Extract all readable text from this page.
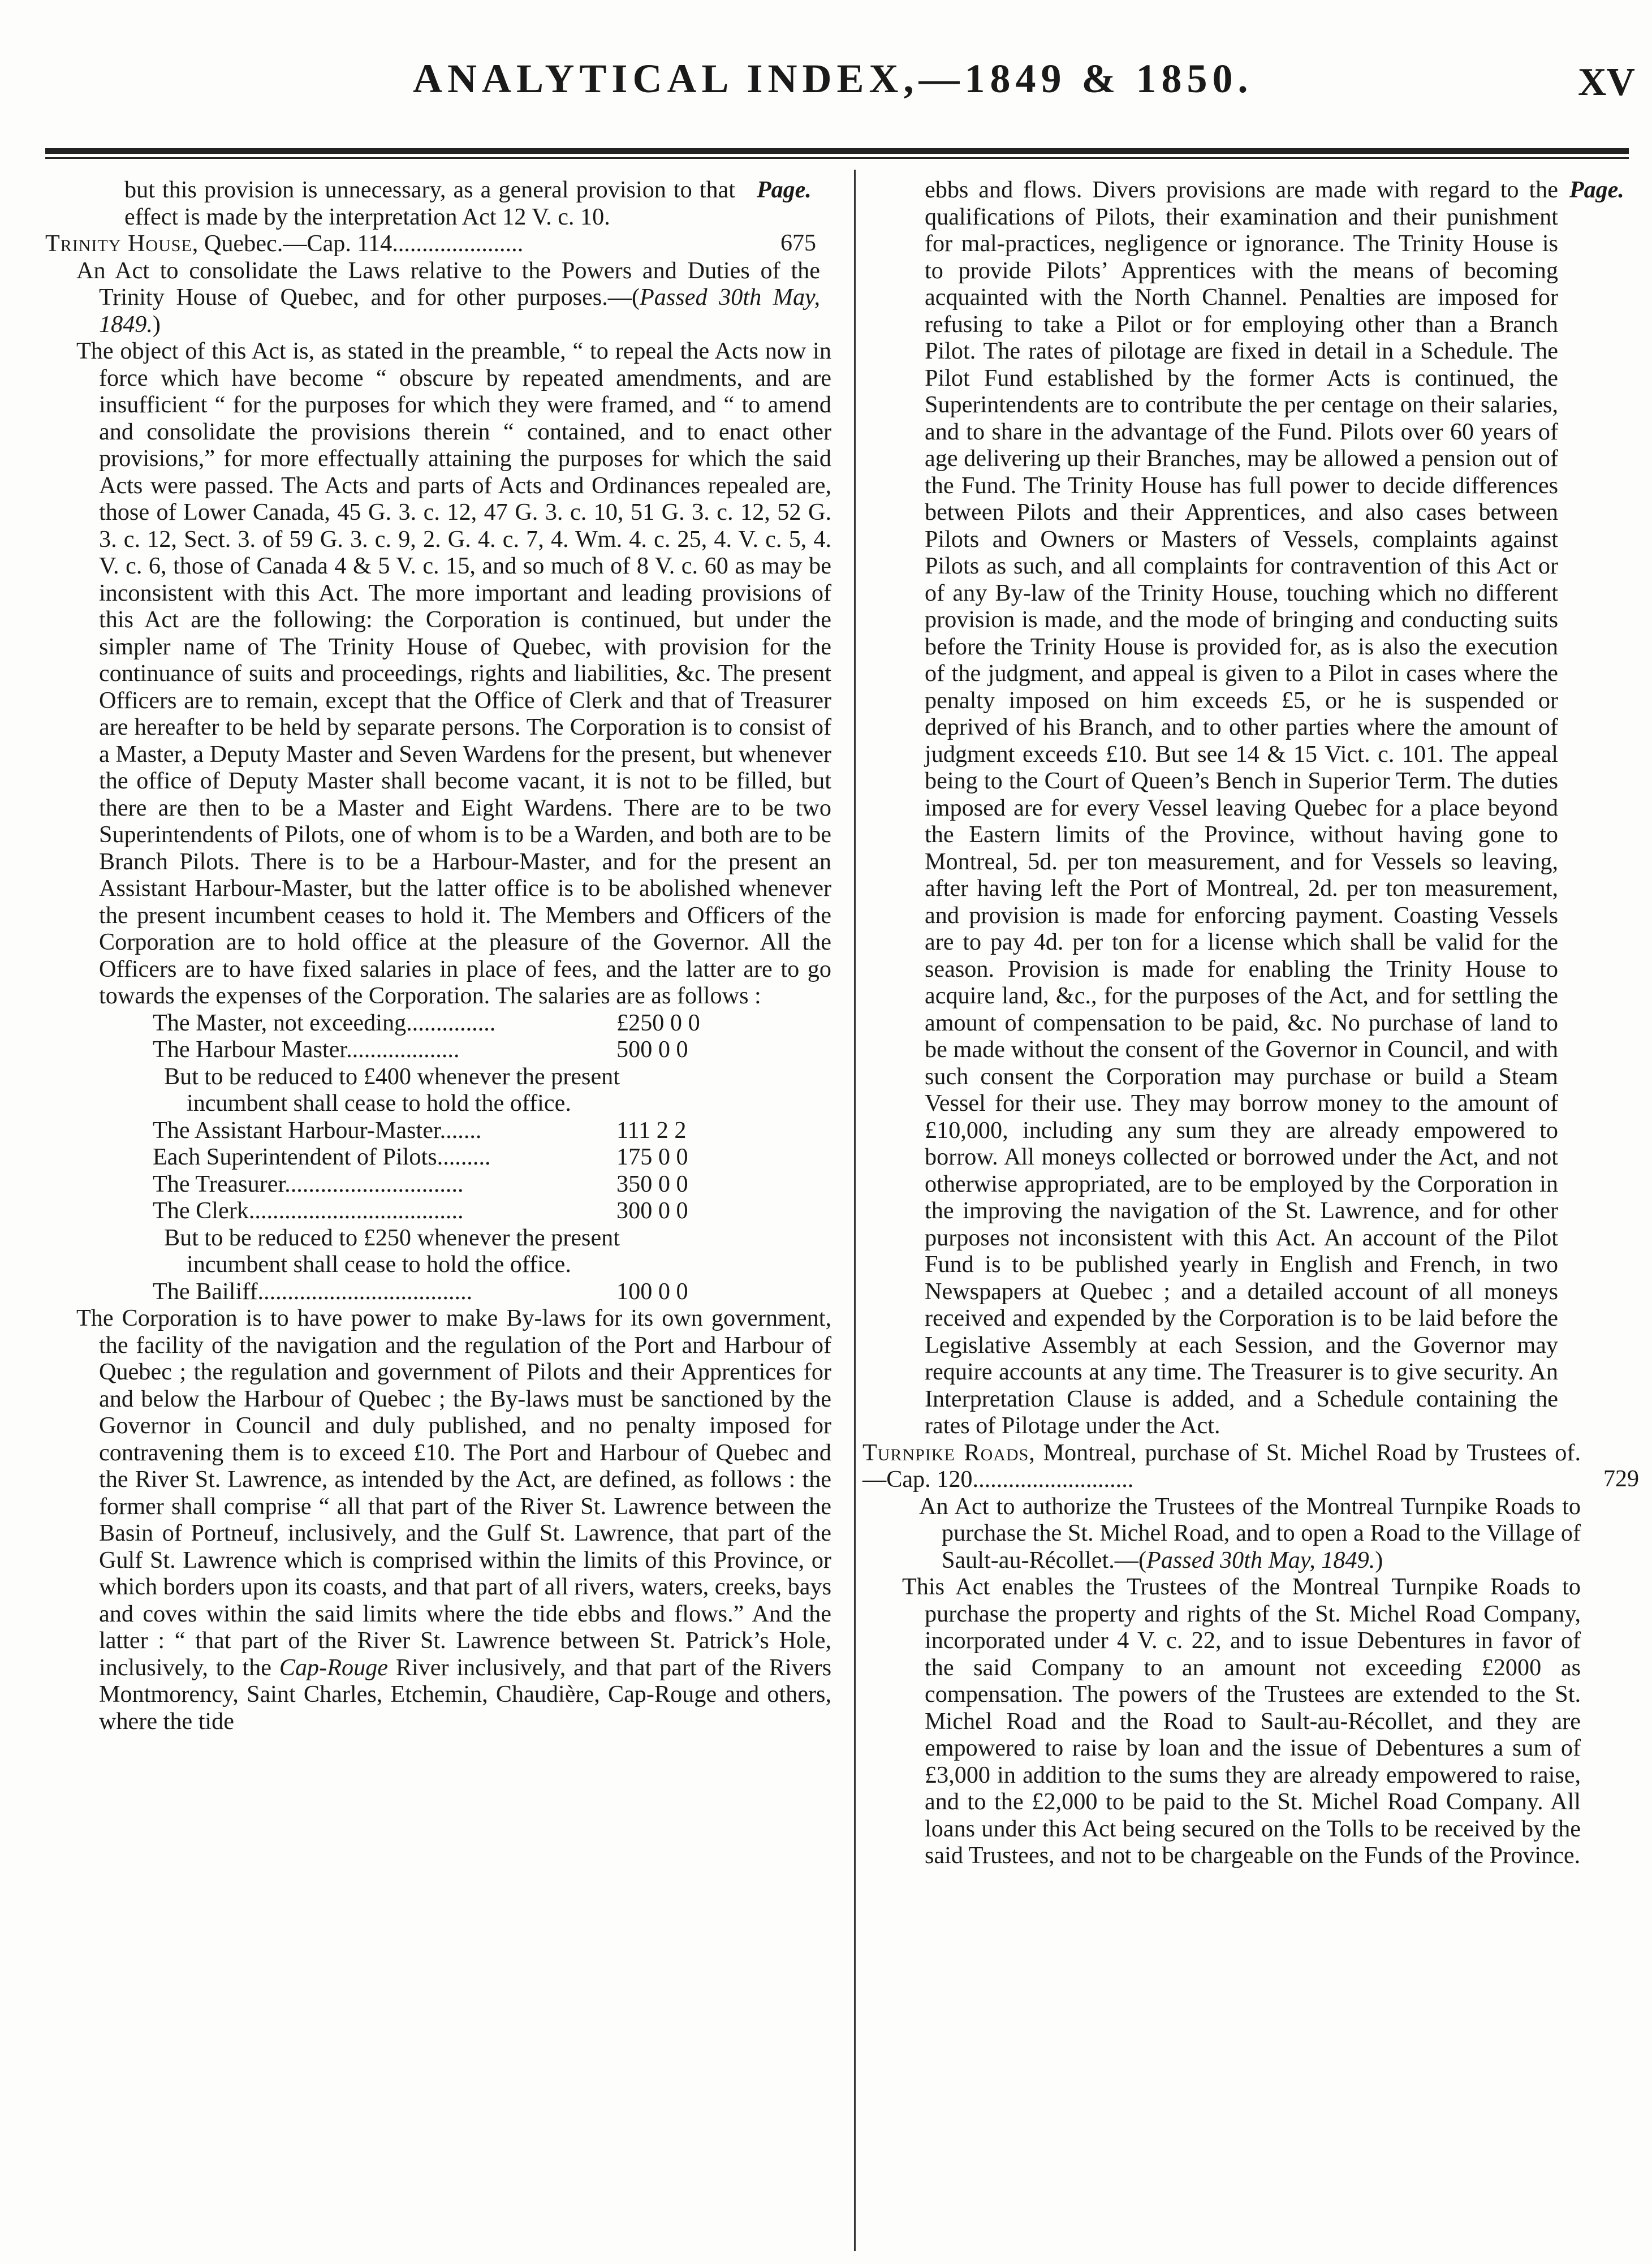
ANALYTICAL INDEX,—1849 & 1850.	XV
Page.	Page.

but this provision is unnecessary, as a general provision to that effect is made by the interpretation Act 12 V. c. 10.

Trinity House, Quebec.—Cap. 114......................	675

An Act to consolidate the Laws relative to the Powers and Duties of the Trinity House of Quebec, and for other purposes.—(Passed 30th May, 1849.)

The object of this Act is, as stated in the preamble, “ to repeal the Acts now in force which have become “ obscure by repeated amendments, and are insufficient “ for the purposes for which they were framed, and “ to amend and consolidate the provisions therein “ contained, and to enact other provisions,” for more effectually attaining the purposes for which the said Acts were passed. The Acts and parts of Acts and Ordinances repealed are, those of Lower Canada, 45 G. 3. c. 12, 47 G. 3. c. 10, 51 G. 3. c. 12, 52 G. 3. c. 12, Sect. 3. of 59 G. 3. c. 9, 2. G. 4. c. 7, 4. Wm. 4. c. 25, 4. V. c. 5, 4. V. c. 6, those of Canada 4 & 5 V. c. 15, and so much of 8 V. c. 60 as may be inconsistent with this Act. The more important and leading provisions of this Act are the following: the Corporation is continued, but under the simpler name of The Trinity House of Quebec, with provision for the continuance of suits and proceedings, rights and liabilities, &c. The present Officers are to remain, except that the Office of Clerk and that of Treasurer are hereafter to be held by separate persons. The Corporation is to consist of a Master, a Deputy Master and Seven Wardens for the present, but whenever the office of Deputy Master shall become vacant, it is not to be filled, but there are then to be a Master and Eight Wardens. There are to be two Superintendents of Pilots, one of whom is to be a Warden, and both are to be Branch Pilots. There is to be a Harbour-Master, and for the present an Assistant Harbour-Master, but the latter office is to be abolished whenever the present incumbent ceases to hold it. The Members and Officers of the Corporation are to hold office at the pleasure of the Governor. All the Officers are to have fixed salaries in place of fees, and the latter are to go towards the expenses of the Corporation. The salaries are as follows :

The Master, not exceeding...............	£250 0 0
The Harbour Master...................	500 0 0

But to be reduced to £400 whenever the present incumbent shall cease to hold the office.

The Assistant Harbour-Master.......	111 2 2
Each Superintendent of Pilots.........	175 0 0
The Treasurer..............................	350 0 0
The Clerk....................................	300 0 0

But to be reduced to £250 whenever the present incumbent shall cease to hold the office.

The Bailiff....................................	100 0 0

The Corporation is to have power to make By-laws for its own government, the facility of the navigation and the regulation of the Port and Harbour of Quebec ; the regulation and government of Pilots and their Apprentices for and below the Harbour of Quebec ; the By-laws must be sanctioned by the Governor in Council and duly published, and no penalty imposed for contravening them is to exceed £10. The Port and Harbour of Quebec and the River St. Lawrence, as intended by the Act, are defined, as follows : the former shall comprise “ all that part of the River St. Lawrence between the Basin of Portneuf, inclusively, and the Gulf St. Lawrence, that part of the Gulf St. Lawrence which is comprised within the limits of this Province, or which borders upon its coasts, and that part of all rivers, waters, creeks, bays and coves within the said limits where the tide ebbs and flows.” And the latter : “ that part of the River St. Lawrence between St. Patrick’s Hole, inclusively, to the Cap-Rouge River inclusively, and that part of the Rivers Montmorency, Saint Charles, Etchemin, Chaudière, Cap-Rouge and others, where the tide

ebbs and flows. Divers provisions are made with regard to the qualifications of Pilots, their examination and their punishment for mal-practices, negligence or ignorance. The Trinity House is to provide Pilots’ Apprentices with the means of becoming acquainted with the North Channel. Penalties are imposed for refusing to take a Pilot or for employing other than a Branch Pilot. The rates of pilotage are fixed in detail in a Schedule. The Pilot Fund established by the former Acts is continued, the Superintendents are to contribute the per centage on their salaries, and to share in the advantage of the Fund. Pilots over 60 years of age delivering up their Branches, may be allowed a pension out of the Fund. The Trinity House has full power to decide differences between Pilots and their Apprentices, and also cases between Pilots and Owners or Masters of Vessels, complaints against Pilots as such, and all complaints for contravention of this Act or of any By-law of the Trinity House, touching which no different provision is made, and the mode of bringing and conducting suits before the Trinity House is provided for, as is also the execution of the judgment, and appeal is given to a Pilot in cases where the penalty imposed on him exceeds £5, or he is suspended or deprived of his Branch, and to other parties where the amount of judgment exceeds £10. But see 14 & 15 Vict. c. 101. The appeal being to the Court of Queen’s Bench in Superior Term. The duties imposed are for every Vessel leaving Quebec for a place beyond the Eastern limits of the Province, without having gone to Montreal, 5d. per ton measurement, and for Vessels so leaving, after having left the Port of Montreal, 2d. per ton measurement, and provision is made for enforcing payment. Coasting Vessels are to pay 4d. per ton for a license which shall be valid for the season. Provision is made for enabling the Trinity House to acquire land, &c., for the purposes of the Act, and for settling the amount of compensation to be paid, &c. No purchase of land to be made without the consent of the Governor in Council, and with such consent the Corporation may purchase or build a Steam Vessel for their use. They may borrow money to the amount of £10,000, including any sum they are already empowered to borrow. All moneys collected or borrowed under the Act, and not otherwise appropriated, are to be employed by the Corporation in the improving the navigation of the St. Lawrence, and for other purposes not inconsistent with this Act. An account of the Pilot Fund is to be published yearly in English and French, in two Newspapers at Quebec ; and a detailed account of all moneys received and expended by the Corporation is to be laid before the Legislative Assembly at each Session, and the Governor may require accounts at any time. The Treasurer is to give security. An Interpretation Clause is added, and a Schedule containing the rates of Pilotage under the Act.

Turnpike Roads, Montreal, purchase of St. Michel Road by Trustees of.—Cap. 120...........................	729

An Act to authorize the Trustees of the Montreal Turnpike Roads to purchase the St. Michel Road, and to open a Road to the Village of Sault-au-Récollet.—(Passed 30th May, 1849.)

This Act enables the Trustees of the Montreal Turnpike Roads to purchase the property and rights of the St. Michel Road Company, incorporated under 4 V. c. 22, and to issue Debentures in favor of the said Company to an amount not exceeding £2000 as compensation. The powers of the Trustees are extended to the St. Michel Road and the Road to Sault-au-Récollet, and they are empowered to raise by loan and the issue of Debentures a sum of £3,000 in addition to the sums they are already empowered to raise, and to the £2,000 to be paid to the St. Michel Road Company. All loans under this Act being secured on the Tolls to be received by the said Trustees, and not to be chargeable on the Funds of the Province.
